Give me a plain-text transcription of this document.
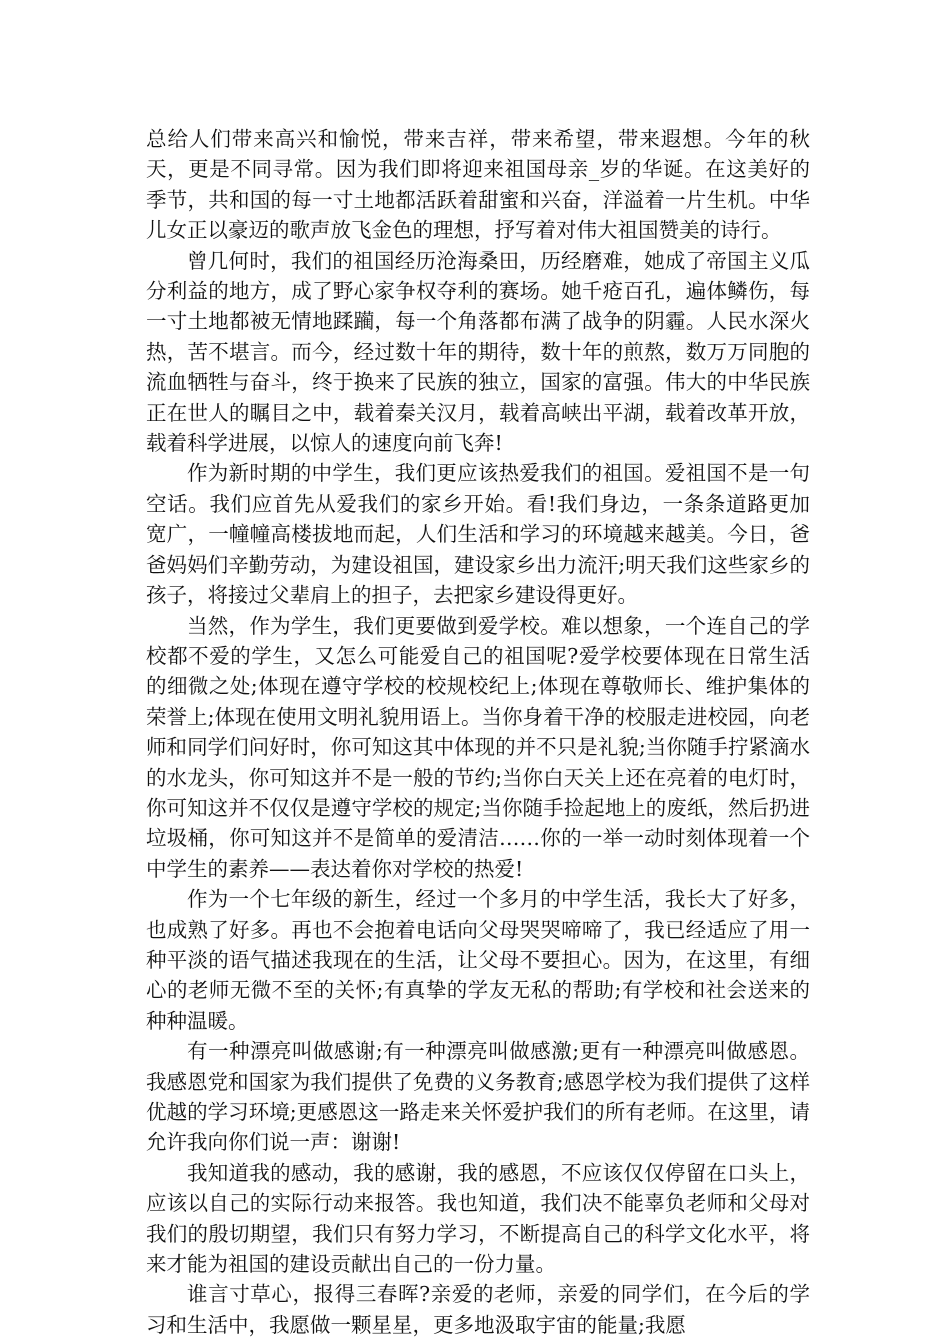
总给人们带来高兴和愉悦，带来吉祥，带来希望，带来遐想。今年的秋天，更是不同寻常。因为我们即将迎来祖国母亲_岁的华诞。在这美好的季节，共和国的每一寸土地都活跃着甜蜜和兴奋，洋溢着一片生机。中华儿女正以豪迈的歌声放飞金色的理想，抒写着对伟大祖国赞美的诗行。

曾几何时，我们的祖国经历沧海桑田，历经磨难，她成了帝国主义瓜分利益的地方，成了野心家争权夺利的赛场。她千疮百孔，遍体鳞伤，每一寸土地都被无情地蹂躏，每一个角落都布满了战争的阴霾。人民水深火热，苦不堪言。而今，经过数十年的期待，数十年的煎熬，数万万同胞的流血牺牲与奋斗，终于换来了民族的独立，国家的富强。伟大的中华民族正在世人的瞩目之中，载着秦关汉月，载着高峡出平湖，载着改革开放，载着科学进展，以惊人的速度向前飞奔!

作为新时期的中学生，我们更应该热爱我们的祖国。爱祖国不是一句空话。我们应首先从爱我们的家乡开始。看!我们身边，一条条道路更加宽广，一幢幢高楼拔地而起，人们生活和学习的环境越来越美。今日，爸爸妈妈们辛勤劳动，为建设祖国，建设家乡出力流汗;明天我们这些家乡的孩子，将接过父辈肩上的担子，去把家乡建设得更好。

当然，作为学生，我们更要做到爱学校。难以想象，一个连自己的学校都不爱的学生，又怎么可能爱自己的祖国呢?爱学校要体现在日常生活的细微之处;体现在遵守学校的校规校纪上;体现在尊敬师长、维护集体的荣誉上;体现在使用文明礼貌用语上。当你身着干净的校服走进校园，向老师和同学们问好时，你可知这其中体现的并不只是礼貌;当你随手拧紧滴水的水龙头，你可知这并不是一般的节约;当你白天关上还在亮着的电灯时，你可知这并不仅仅是遵守学校的规定;当你随手捡起地上的废纸，然后扔进垃圾桶，你可知这并不是简单的爱清洁……你的一举一动时刻体现着一个中学生的素养——表达着你对学校的热爱!

作为一个七年级的新生，经过一个多月的中学生活，我长大了好多，也成熟了好多。再也不会抱着电话向父母哭哭啼啼了，我已经适应了用一种平淡的语气描述我现在的生活，让父母不要担心。因为，在这里，有细心的老师无微不至的关怀;有真挚的学友无私的帮助;有学校和社会送来的种种温暖。

有一种漂亮叫做感谢;有一种漂亮叫做感激;更有一种漂亮叫做感恩。我感恩党和国家为我们提供了免费的义务教育;感恩学校为我们提供了这样优越的学习环境;更感恩这一路走来关怀爱护我们的所有老师。在这里，请允许我向你们说一声：谢谢!

我知道我的感动，我的感谢，我的感恩，不应该仅仅停留在口头上，应该以自己的实际行动来报答。我也知道，我们决不能辜负老师和父母对我们的殷切期望，我们只有努力学习，不断提高自己的科学文化水平，将来才能为祖国的建设贡献出自己的一份力量。

谁言寸草心，报得三春晖?亲爱的老师，亲爱的同学们，在今后的学习和生活中，我愿做一颗星星，更多地汲取宇宙的能量;我愿
